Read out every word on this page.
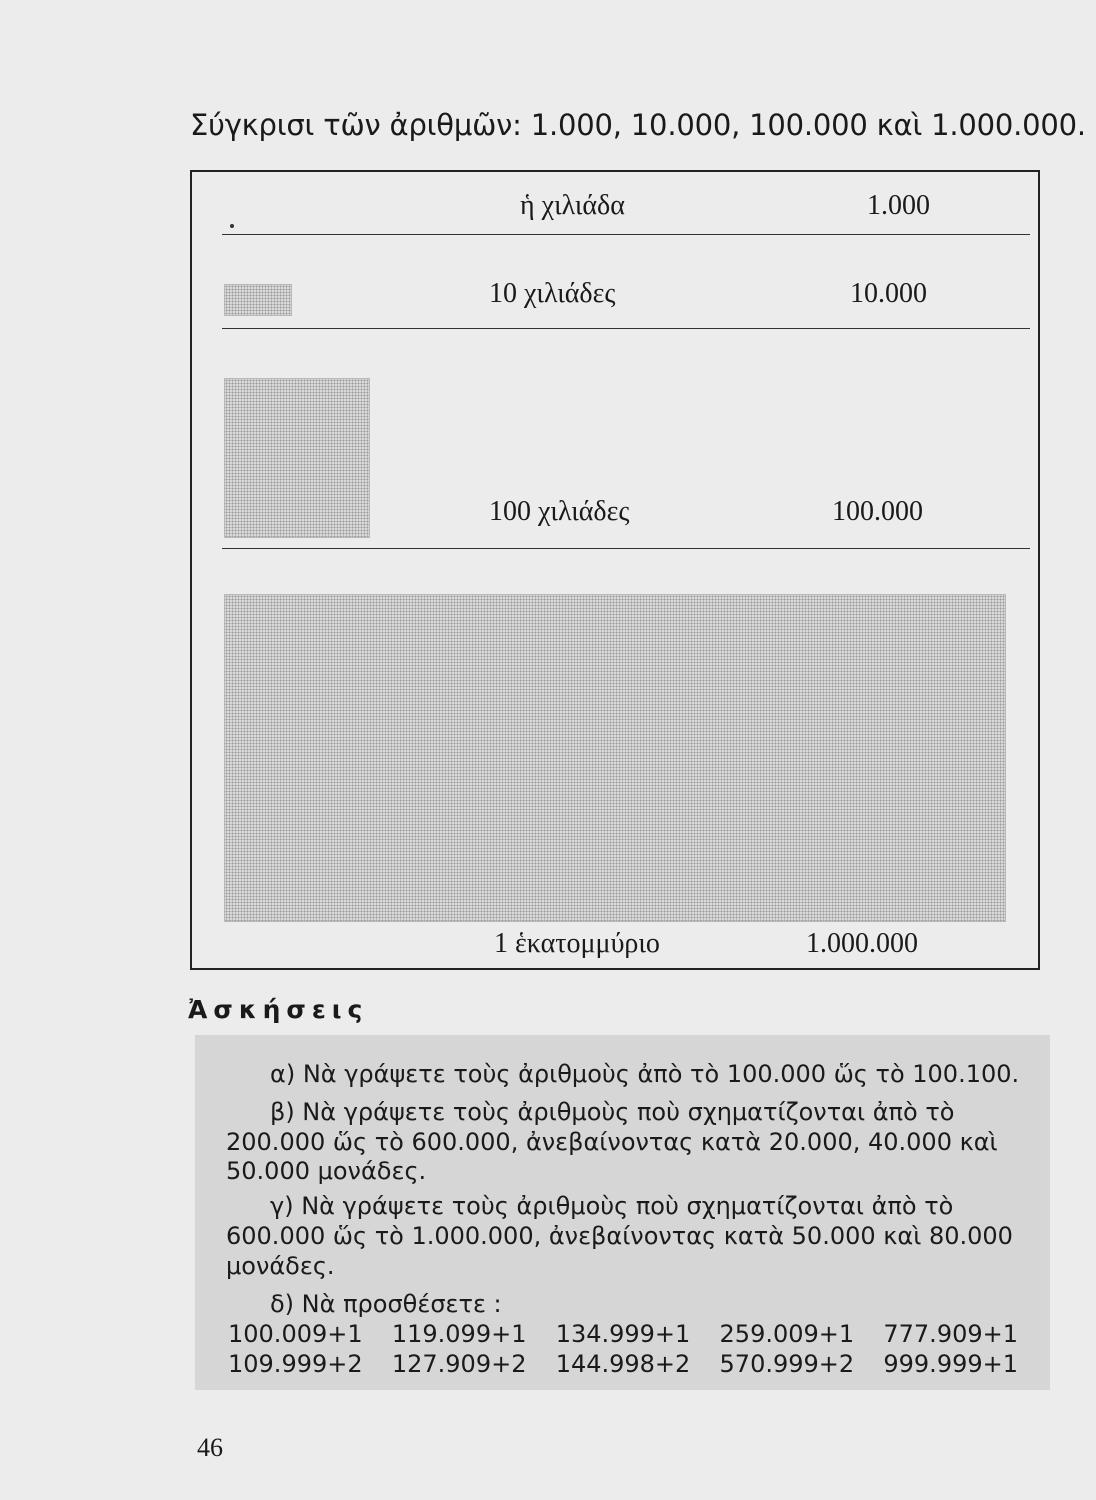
Σύγκρισι τῶν ἀριθμῶν: 1.000, 10.000, 100.000 καὶ 1.000.000.
ἡ χιλιάδα	1.000
10 χιλιάδες	10.000
100 χιλιάδες	100.000
1 ἑκατομμύριο	1.000.000
Ἀσκήσεις
α) Νὰ γράψετε τοὺς ἀριθμοὺς ἀπὸ τὸ 100.000 ὥς τὸ 100.100.
β) Νὰ γράψετε τοὺς ἀριθμοὺς ποὺ σχηματίζονται ἀπὸ τὸ
200.000 ὥς τὸ 600.000, ἀνεβαίνοντας κατὰ 20.000, 40.000 καὶ
50.000 μονάδες.
γ) Νὰ γράψετε τοὺς ἀριθμοὺς ποὺ σχηματίζονται ἀπὸ τὸ
600.000 ὥς τὸ 1.000.000, ἀνεβαίνοντας κατὰ 50.000 καὶ 80.000
μονάδες.
δ) Νὰ προσθέσετε :
100.009+1 119.099+1 134.999+1 259.009+1 777.909+1
109.999+2 127.909+2 144.998+2 570.999+2 999.999+1
46
